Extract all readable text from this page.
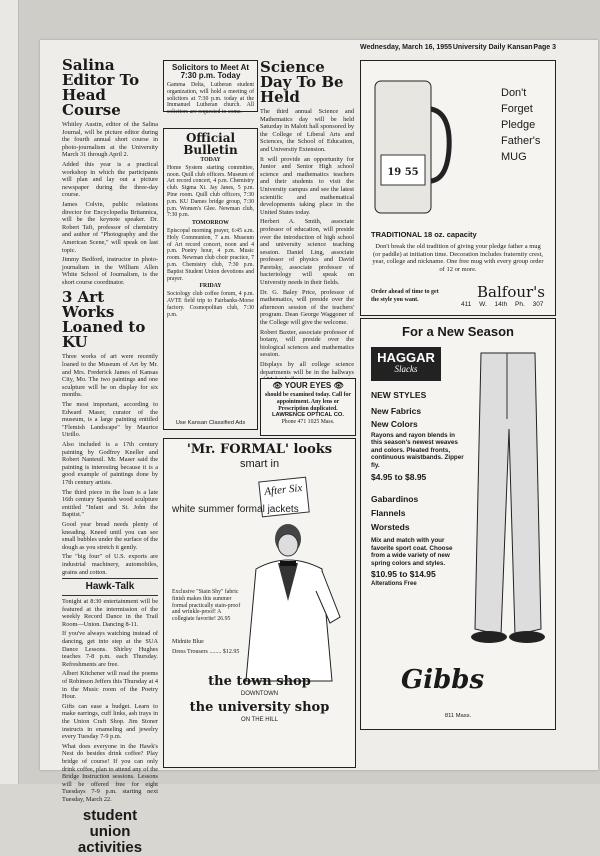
Wednesday, March 16, 1955 University Daily Kansan Page 3
Salina Editor To Head Course

Whitley Austin, editor of the Salina Journal, will be picture editor during the fourth annual short course in photo-journalism at the University March 31 through April 2.

Added this year is a practical workshop in which the participants will plan and lay out a picture newspaper during the three-day course.

James Colvin, public relations director for Encyclopedia Britannica, will be the keynote speaker. Dr. Robert Taft, professor of chemistry and author of "Photography and the American Scene," will speak on last topic.

Jimmy Bedford, instructor in photo-journalism in the William Allen White School of Journalism, is the short course coordinator.

3 Art Works Loaned to KU

Three works of art were recently loaned to the Museum of Art by Mr. and Mrs. Frederick James of Kansas City, Mo. The two paintings and one sculpture will be on display for six months.

The most important, according to Edward Maser, curator of the museum, is a large painting entitled "Flemish Landscape" by Maurice Utrillo.

Also included is a 17th century painting by Godfrey Kneller and Robert Nanteuil. Mr. Maser said the painting is interesting because it is a good example of paintings done by 17th century artists.

The third piece in the loan is a late 16th century Spanish wood sculpture entitled "Infant and St. John the Baptist."

Good year bread needs plenty of kneading. Kneed until you can see small bubbles under the surface of the dough as you stretch it gently.

The "big four" of U.S. exports are industrial machinery, automobiles, grains and cotton.

Hawk-Talk

Tonight at 8:30 entertainment will be featured at the intermission of the weekly Record Dance in the Trail Room—Union. Dancing 8-11.

If you've always watching instead of dancing, get into step at the SUA Dance Lessons. Shirley Hughes teaches 7-8 p.m. each Thursday. Refreshments are free.

Albert Kitchener will read the poems of Robinson Jeffers this Thursday at 4 in the Music room of the Poetry Hour.

Gifts can ease a budget. Learn to make earrings, cuff links, ash trays in the Union Craft Shop. Jim Stoner instructs in enameling and jewelry every Tuesday 7-9 p.m.

What does everyone in the Hawk's Nest do besides drink coffee? Play bridge of course! If you can only drink coffee, plan to attend any of the Bridge Instruction sessions. Lessons will be offered free for eight Tuesdays 7-9 p.m. starting next Tuesday, March 22.

student union activities
Solicitors to Meet At 7:30 p.m. Today

Gamma Delta, Lutheran student organization, will hold a meeting of solicitors at 7:30 p.m. today at the Immanuel Lutheran church. All solicitors are requested to come.

Official Bulletin
TODAY

Home System starting committee, noon. Quill club officers. Museum of Art record concert, 4 p.m. Chemistry club. Sigma Xi. Jay Janes, 5 p.m. Pine room. Quill club officers, 7:30 p.m. KU Dames bridge group, 7:30 p.m. Women's Glee. Newman club, 7:30 p.m.

TOMORROW

Episcopal morning prayer, 6:45 a.m. Holy Communion, 7 a.m. Museum of Art record concert, noon and 4 p.m. Poetry hour, 4 p.m. Music room. Newman club choir practice, 7 p.m. Chemistry club, 7:30 p.m. Baptist Student Union devotions and prayer.

FRIDAY

Sociology club coffee forum, 4 p.m. AVTE field trip to Fairbanks-Morse factory. Cosmopolitan club, 7:30 p.m.

Use Kansan Classified Ads
Science Day To Be Held

The third annual Science and Mathematics day will be held Saturday in Malott hall sponsored by the College of Liberal Arts and Sciences, the School of Education, and University Extension.

It will provide an opportunity for Junior and Senior High school science and mathematics teachers and their students to visit the University campus and see the latest scientific and mathematical developments taking place in the United States today.

Herbert A. Smith, associate professor of education, will preside over the introduction of high school and university science teaching session. Daniel Ling, associate professor of physics and David Paretsky, associate professor of bacteriology will speak on University needs in their fields.

Dr. G. Baley Price, professor of mathematics, will preside over the afternoon session of the teachers' program. Dean George Waggoner of the College will give the welcome.

Robert Baxter, associate professor of botany, will preside over the biological sciences and mathematics session.

Displays by all college science departments will be in the hallways

👁 YOUR EYES 👁

should be examined today. Call for appointment. Any lens or Prescription duplicated.

LAWRENCE OPTICAL CO.
Phone 471 1025 Mass.
'Mr. FORMAL' looks
smart in
After Six
white summer formal jackets

Exclusive "Stain Shy" fabric finish makes this summer formal practically stain-proof and wrinkle-proof! A collegiate favorite! 26.95

Midnite Blue
Dress Trousers ........ $12.95
the town shop
DOWNTOWN
the university shop
ON THE HILL
19 55
Don't
Forget
Pledge
Father's
MUG
TRADITIONAL 18 oz. capacity

Don't break the old tradition of giving your pledge father a mug (or paddle) at initiation time. Decoration includes fraternity crest, year, college and nickname. One free mug with every group order of 12 or more.

Order ahead of time to get the style you want.	Balfour's
411 W. 14th Ph. 307
For a New Season
HAGGAR
Slacks
NEW STYLES
New Fabrics
New Colors

Rayons and rayon blends in this season's newest weaves and colors. Pleated fronts, continuous waistbands. Zipper fly.

$4.95 to $8.95
Gabardinos
Flannels
Worsteds

Mix and match with your favorite sport coat. Choose from a wide variety of new spring colors and styles.

$10.95 to $14.95
Alterations Free
Gibbs
811 Mass.
